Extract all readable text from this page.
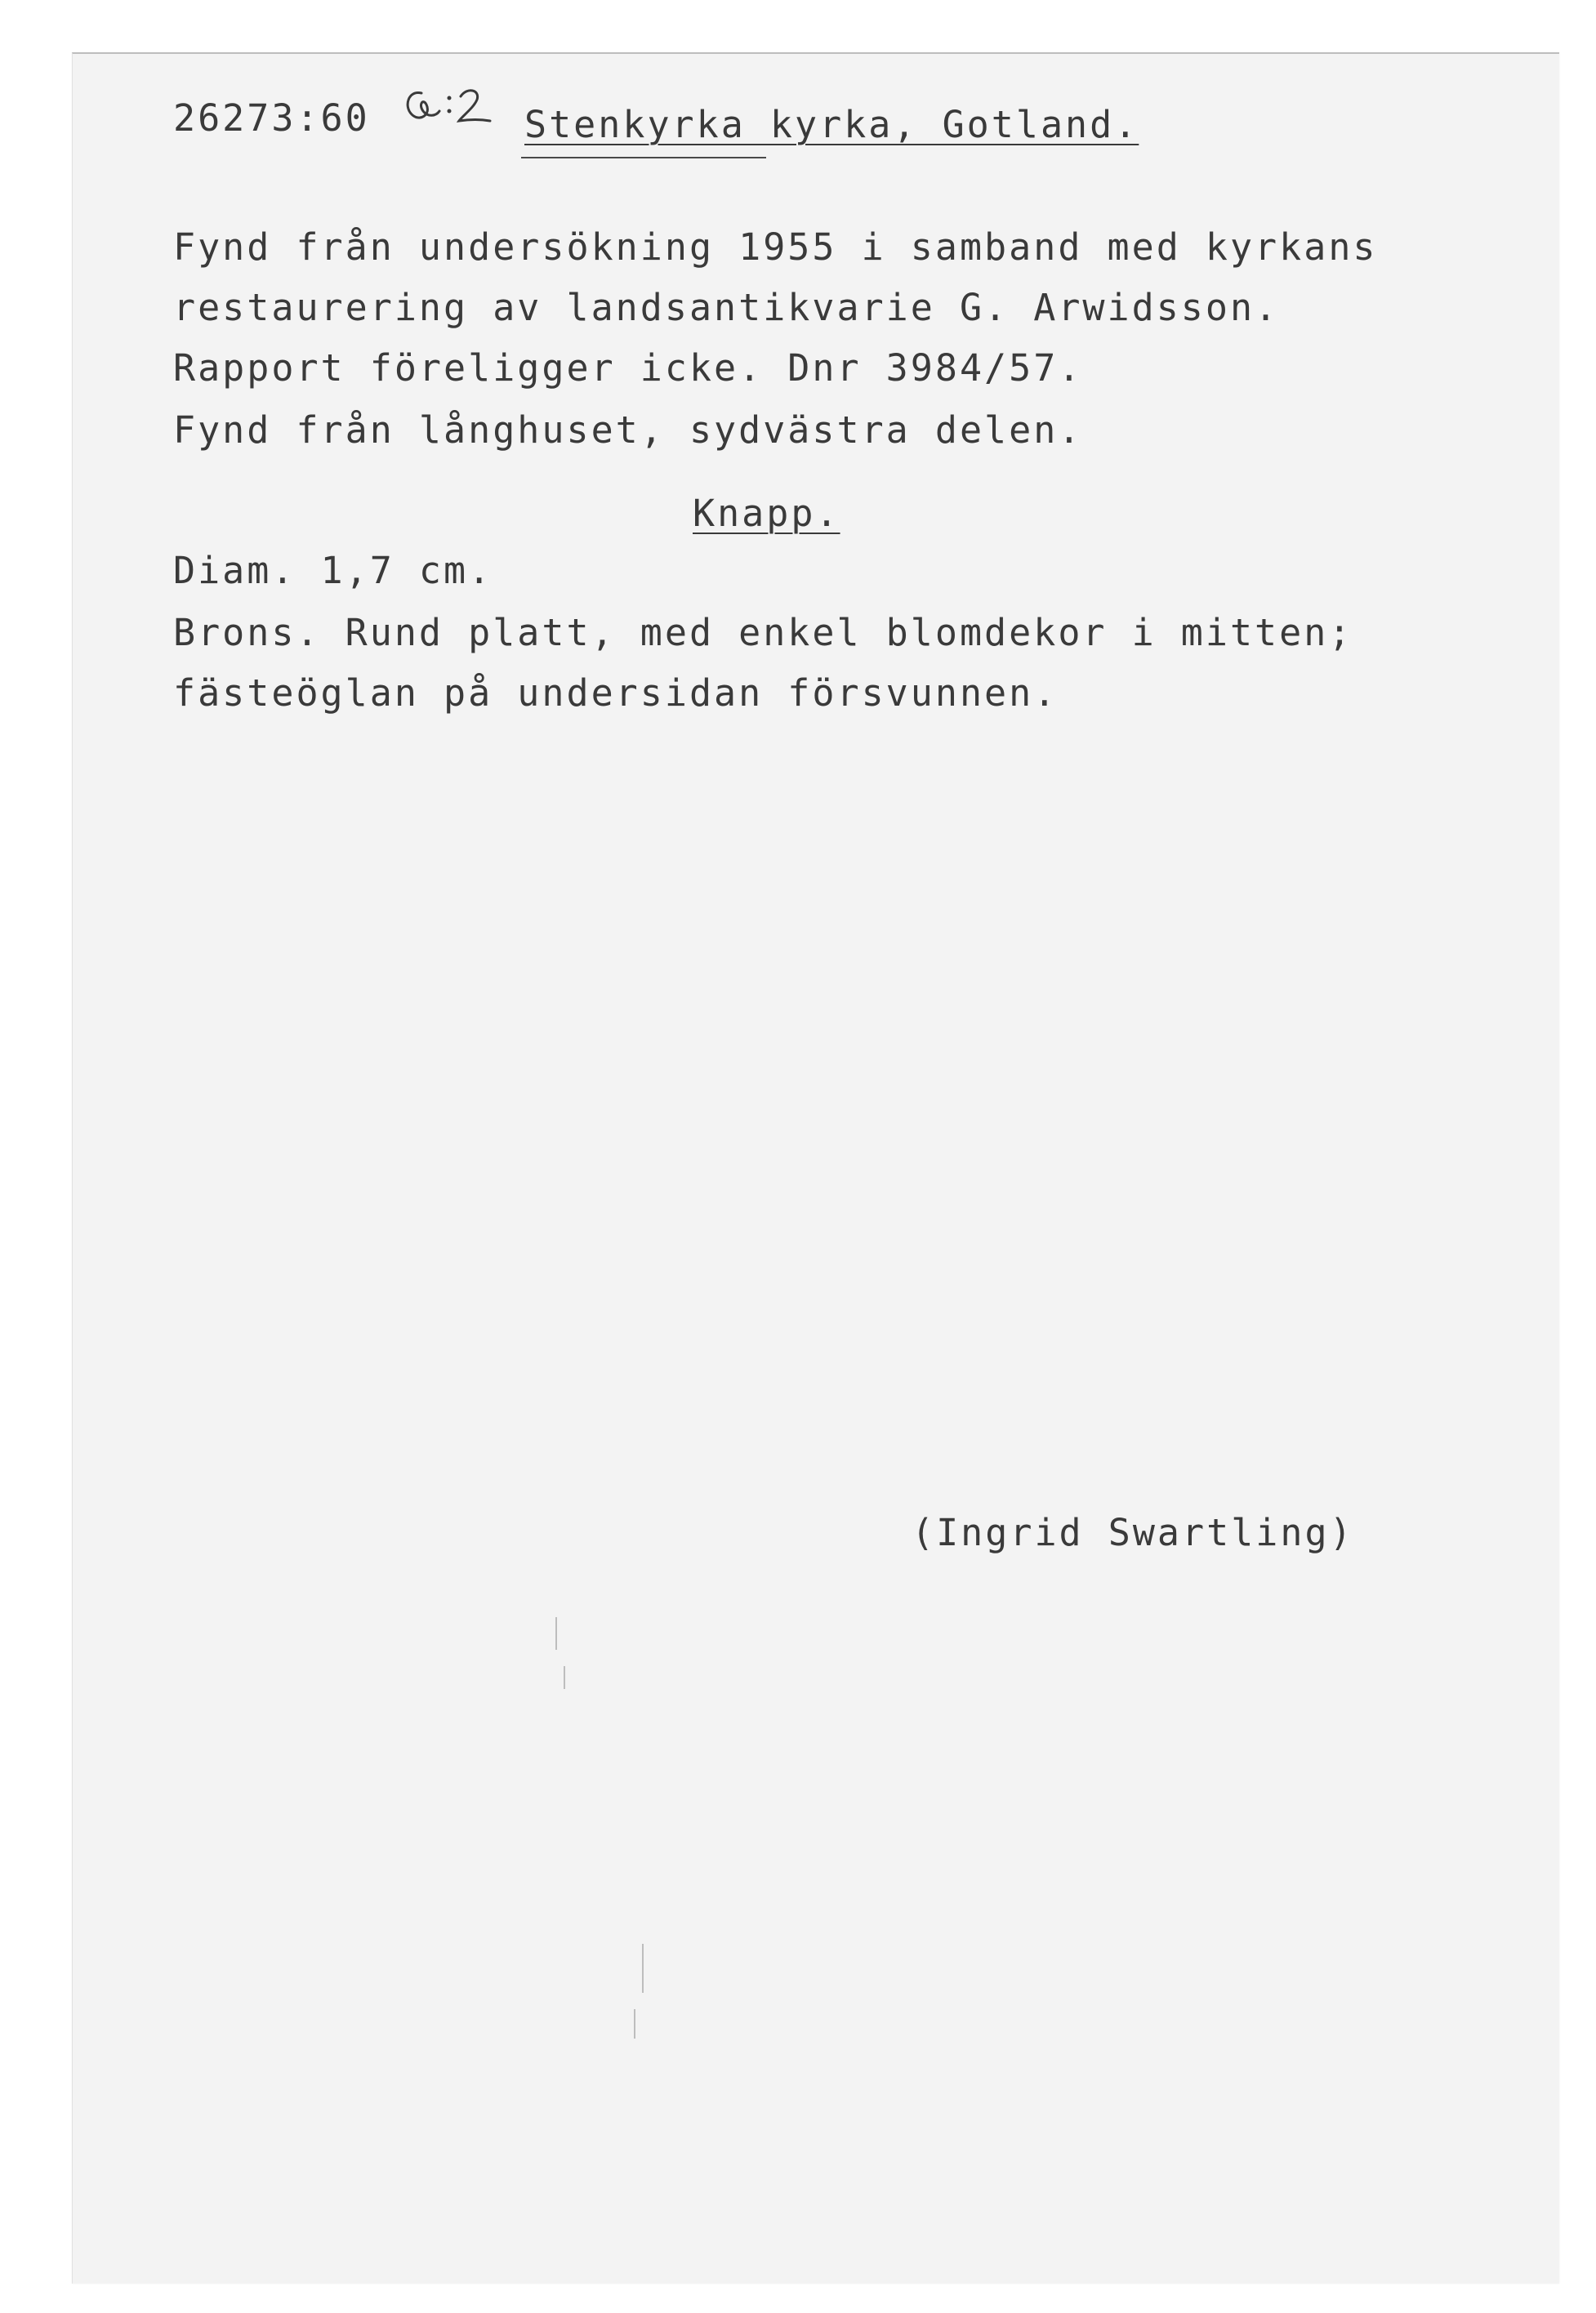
26273:60	Stenkyrka kyrka, Gotland.
Fynd från undersökning 1955 i samband med kyrkans
restaurering av landsantikvarie G. Arwidsson.
Rapport föreligger icke. Dnr 3984/57.
Fynd från långhuset, sydvästra delen.
Knapp.
Diam. 1,7 cm.
Brons. Rund platt, med enkel blomdekor i mitten;
fästeöglan på undersidan försvunnen.
(Ingrid Swartling)
